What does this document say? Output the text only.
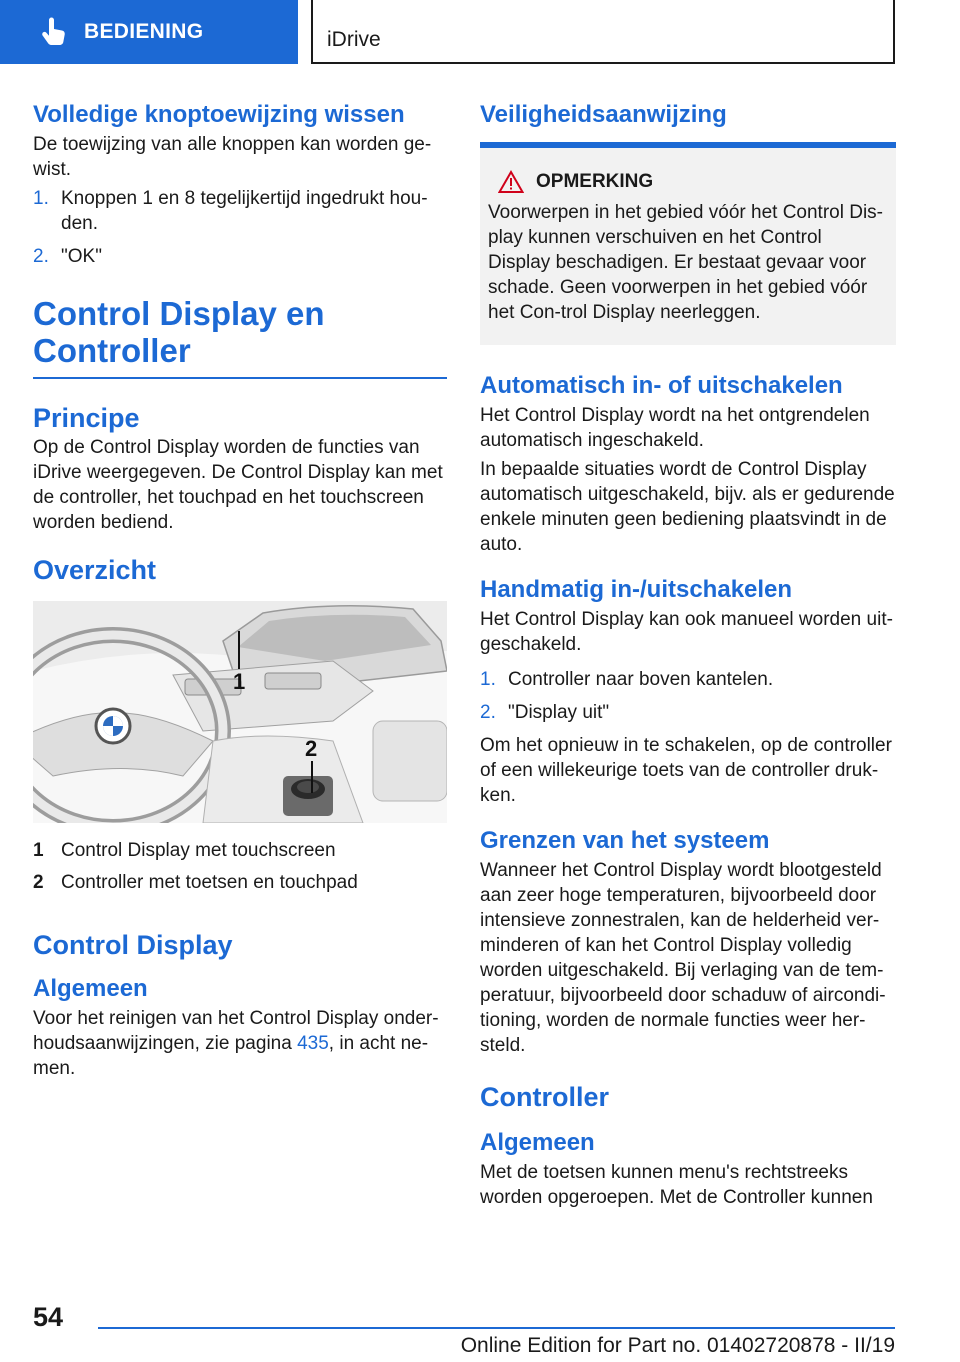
BEDIENING	iDrive
Volledige knoptoewijzing wissen

De toewijzing van alle knoppen kan worden ge-wist.

1. Knoppen 1 en 8 tegelijkertijd ingedrukt hou-den.
2. "OK"
Control Display en Controller
Principe

Op de Control Display worden de functies van iDrive weergegeven. De Control Display kan met de controller, het touchpad en het touchscreen worden bediend.

Overzicht
1
2
1 Control Display met touchscreen
2 Controller met toetsen en touchpad
Control Display
Algemeen

Voor het reinigen van het Control Display onder-houdsaanwijzingen, zie pagina 435, in acht ne-men.

Veiligheidsaanwijzing
OPMERKING

Voorwerpen in het gebied vóór het Control Dis-play kunnen verschuiven en het Control Display beschadigen. Er bestaat gevaar voor schade. Geen voorwerpen in het gebied vóór het Con-trol Display neerleggen.

Automatisch in- of uitschakelen

Het Control Display wordt na het ontgrendelen automatisch ingeschakeld.

In bepaalde situaties wordt de Control Display automatisch uitgeschakeld, bijv. als er gedurende enkele minuten geen bediening plaatsvindt in de auto.

Handmatig in-/uitschakelen

Het Control Display kan ook manueel worden uit-geschakeld.

1. Controller naar boven kantelen.
2. "Display uit"

Om het opnieuw in te schakelen, op de controller of een willekeurige toets van de controller druk-ken.

Grenzen van het systeem

Wanneer het Control Display wordt blootgesteld aan zeer hoge temperaturen, bijvoorbeeld door intensieve zonnestralen, kan de helderheid ver-minderen of kan het Control Display volledig worden uitgeschakeld. Bij verlaging van de tem-peratuur, bijvoorbeeld door schaduw of aircondi-tioning, worden de normale functies weer her-steld.

Controller
Algemeen

Met de toetsen kunnen menu's rechtstreeks worden opgeroepen. Met de Controller kunnen

54
Online Edition for Part no. 01402720878 - II/19
